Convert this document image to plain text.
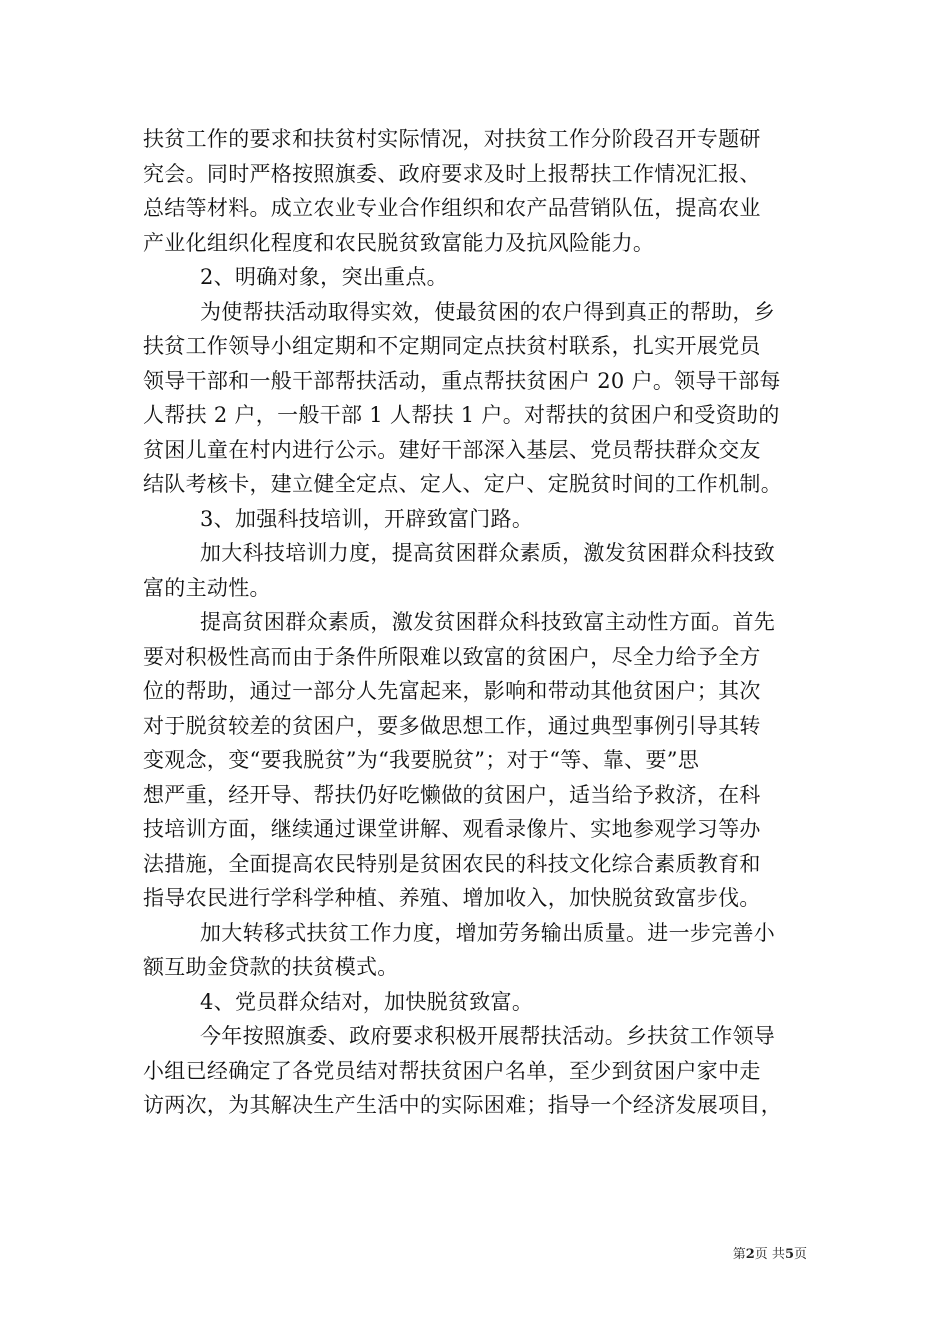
扶贫工作的要求和扶贫村实际情况，对扶贫工作分阶段召开专题研
究会。同时严格按照旗委、政府要求及时上报帮扶工作情况汇报、
总结等材料。成立农业专业合作组织和农产品营销队伍，提高农业
产业化组织化程度和农民脱贫致富能力及抗风险能力。
2、明确对象，突出重点。
为使帮扶活动取得实效，使最贫困的农户得到真正的帮助，乡
扶贫工作领导小组定期和不定期同定点扶贫村联系，扎实开展党员
领导干部和一般干部帮扶活动，重点帮扶贫困户 20 户。领导干部每
人帮扶 2 户，一般干部 1 人帮扶 1 户。对帮扶的贫困户和受资助的
贫困儿童在村内进行公示。建好干部深入基层、党员帮扶群众交友
结队考核卡，建立健全定点、定人、定户、定脱贫时间的工作机制。
3、加强科技培训，开辟致富门路。
加大科技培训力度，提高贫困群众素质，激发贫困群众科技致
富的主动性。
提高贫困群众素质，激发贫困群众科技致富主动性方面。首先
要对积极性高而由于条件所限难以致富的贫困户，尽全力给予全方
位的帮助，通过一部分人先富起来，影响和带动其他贫困户；其次
对于脱贫较差的贫困户，要多做思想工作，通过典型事例引导其转
变观念，变“要我脱贫”为“我要脱贫”；对于“等、靠、要”思
想严重，经开导、帮扶仍好吃懒做的贫困户，适当给予救济，在科
技培训方面，继续通过课堂讲解、观看录像片、实地参观学习等办
法措施，全面提高农民特别是贫困农民的科技文化综合素质教育和
指导农民进行学科学种植、养殖、增加收入，加快脱贫致富步伐。
加大转移式扶贫工作力度，增加劳务输出质量。进一步完善小
额互助金贷款的扶贫模式。
4、党员群众结对，加快脱贫致富。
今年按照旗委、政府要求积极开展帮扶活动。乡扶贫工作领导
小组已经确定了各党员结对帮扶贫困户名单，至少到贫困户家中走
访两次，为其解决生产生活中的实际困难；指导一个经济发展项目，
第2页 共5页
